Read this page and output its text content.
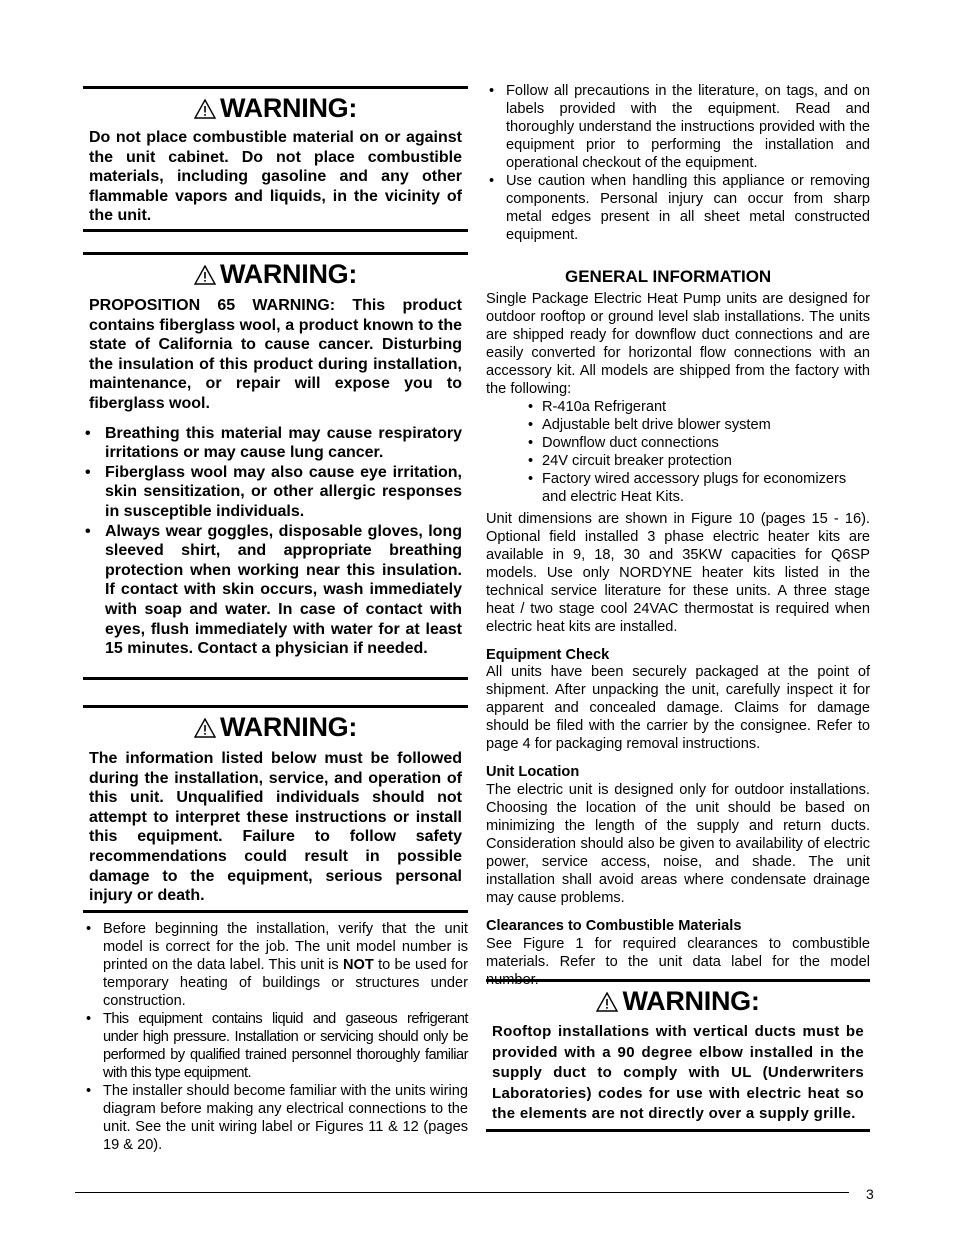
WARNING:
Do not place combustible material on or against the unit cabinet. Do not place combustible materials, including gasoline and any other flammable vapors and liquids, in the vicinity of the unit.
WARNING:
PROPOSITION 65 WARNING: This product contains fiberglass wool, a product known to the state of California to cause cancer. Disturbing the insulation of this product during installation, maintenance, or repair will expose you to fiberglass wool.
• Breathing this material may cause respiratory irritations or may cause lung cancer.
• Fiberglass wool may also cause eye irritation, skin sensitization, or other allergic responses in susceptible individuals.
• Always wear goggles, disposable gloves, long sleeved shirt, and appropriate breathing protection when working near this insulation. If contact with skin occurs, wash immediately with soap and water. In case of contact with eyes, flush immediately with water for at least 15 minutes. Contact a physician if needed.
WARNING:
The information listed below must be followed during the installation, service, and operation of this unit. Unqualified individuals should not attempt to interpret these instructions or install this equipment. Failure to follow safety recommendations could result in possible damage to the equipment, serious personal injury or death.
• Before beginning the installation, verify that the unit model is correct for the job. The unit model number is printed on the data label. This unit is NOT to be used for temporary heating of buildings or structures under construction.
• This equipment contains liquid and gaseous refrigerant under high pressure. Installation or servicing should only be performed by qualified trained personnel thoroughly familiar with this type equipment.
• The installer should become familiar with the units wiring diagram before making any electrical connections to the unit. See the unit wiring label or Figures 11 & 12 (pages 19 & 20).
• Follow all precautions in the literature, on tags, and on labels provided with the equipment. Read and thoroughly understand the instructions provided with the equipment prior to performing the installation and operational checkout of the equipment.
• Use caution when handling this appliance or removing components. Personal injury can occur from sharp metal edges present in all sheet metal constructed equipment.
GENERAL INFORMATION

Single Package Electric Heat Pump units are designed for outdoor rooftop or ground level slab installations. The units are shipped ready for downflow duct connections and are easily converted for horizontal flow connections with an accessory kit. All models are shipped from the factory with the following:

• R-410a Refrigerant
• Adjustable belt drive blower system
• Downflow duct connections
• 24V circuit breaker protection
• Factory wired accessory plugs for economizers and electric Heat Kits.

Unit dimensions are shown in Figure 10 (pages 15 - 16). Optional field installed 3 phase electric heater kits are available in 9, 18, 30 and 35KW capacities for Q6SP models. Use only NORDYNE heater kits listed in the technical service literature for these units. A three stage heat / two stage cool 24VAC thermostat is required when electric heat kits are installed.

Equipment Check

All units have been securely packaged at the point of shipment. After unpacking the unit, carefully inspect it for apparent and concealed damage. Claims for damage should be filed with the carrier by the consignee. Refer to page 4 for packaging removal instructions.

Unit Location

The electric unit is designed only for outdoor installations. Choosing the location of the unit should be based on minimizing the length of the supply and return ducts. Consideration should also be given to availability of electric power, service access, noise, and shade. The unit installation shall avoid areas where condensate drainage may cause problems.

Clearances to Combustible Materials

See Figure 1 for required clearances to combustible materials. Refer to the unit data label for the model number.

WARNING:
Rooftop installations with vertical ducts must be provided with a 90 degree elbow installed in the supply duct to comply with UL (Underwriters Laboratories) codes for use with electric heat so the elements are not directly over a supply grille.
3
